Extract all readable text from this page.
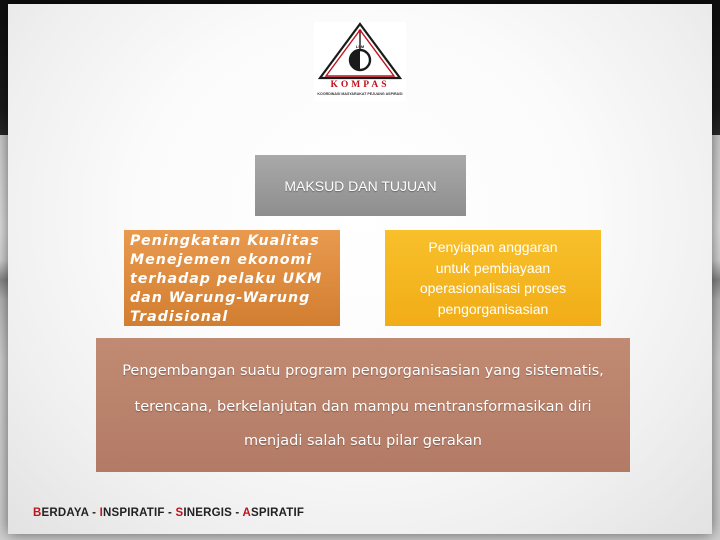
LSM
KOMPAS
KOORDINASI MASYARAKAT PEJUANG ASPIRASI
MAKSUD DAN TUJUAN
Peningkatan Kualitas
Menejemen ekonomi
terhadap pelaku UKM
dan Warung-Warung
Tradisional
Penyiapan anggaran
untuk pembiayaan
operasionalisasi proses
pengorganisasian
Pengembangan suatu program pengorganisasian yang sistematis,
terencana, berkelanjutan dan mampu mentransformasikan diri
menjadi salah satu pilar gerakan
BERDAYA - INSPIRATIF - SINERGIS - ASPIRATIF
